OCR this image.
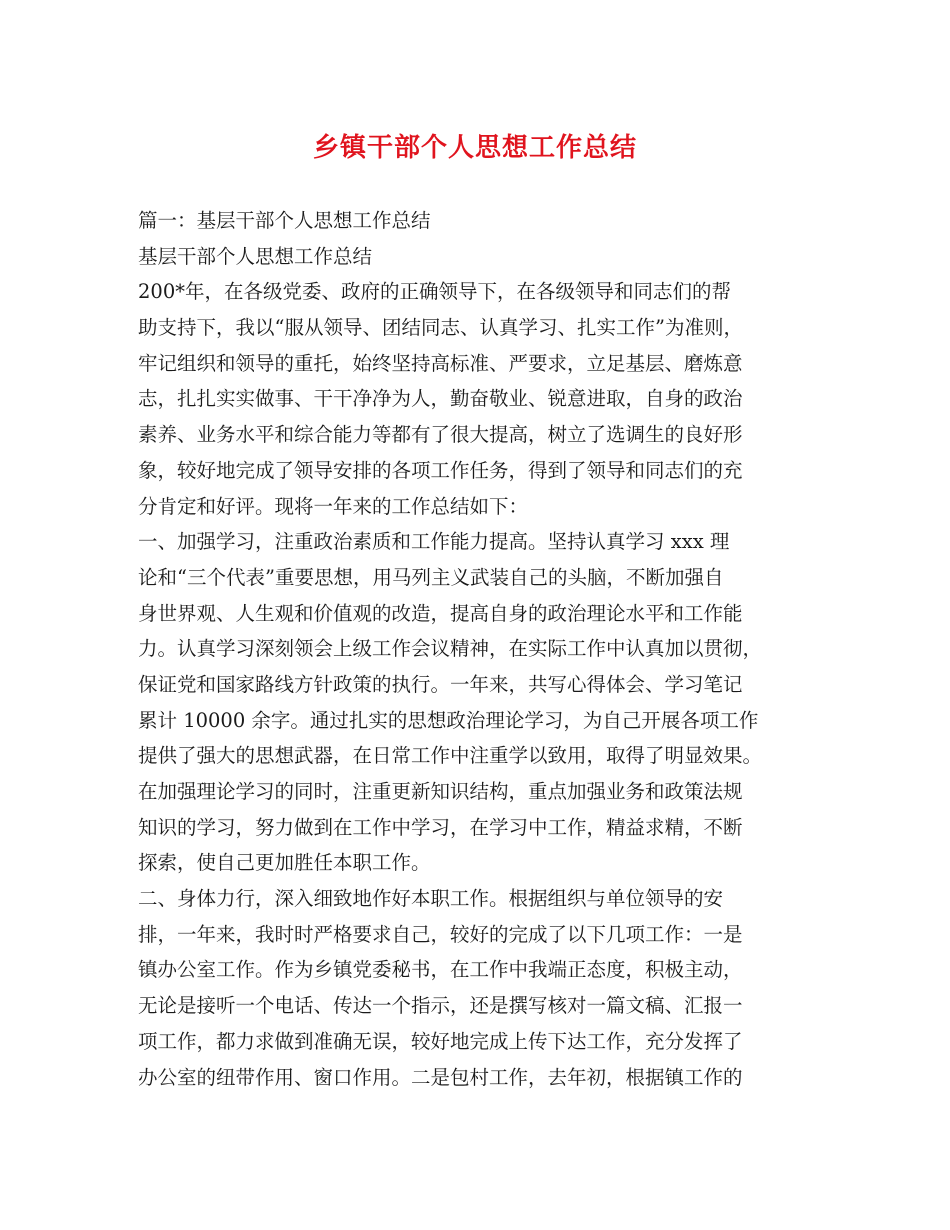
乡镇干部个人思想工作总结
篇一：基层干部个人思想工作总结
基层干部个人思想工作总结
200*年，在各级党委、政府的正确领导下，在各级领导和同志们的帮
助支持下，我以“服从领导、团结同志、认真学习、扎实工作”为准则，
牢记组织和领导的重托，始终坚持高标准、严要求，立足基层、磨炼意
志，扎扎实实做事、干干净净为人，勤奋敬业、锐意进取，自身的政治
素养、业务水平和综合能力等都有了很大提高，树立了选调生的良好形
象，较好地完成了领导安排的各项工作任务，得到了领导和同志们的充
分肯定和好评。现将一年来的工作总结如下：
一、加强学习，注重政治素质和工作能力提高。坚持认真学习 xxx 理
论和“三个代表”重要思想，用马列主义武装自己的头脑，不断加强自
身世界观、人生观和价值观的改造，提高自身的政治理论水平和工作能
力。认真学习深刻领会上级工作会议精神，在实际工作中认真加以贯彻，
保证党和国家路线方针政策的执行。一年来，共写心得体会、学习笔记
累计 10000 余字。通过扎实的思想政治理论学习，为自己开展各项工作
提供了强大的思想武器，在日常工作中注重学以致用，取得了明显效果。
在加强理论学习的同时，注重更新知识结构，重点加强业务和政策法规
知识的学习，努力做到在工作中学习，在学习中工作，精益求精，不断
探索，使自己更加胜任本职工作。
二、身体力行，深入细致地作好本职工作。根据组织与单位领导的安
排，一年来，我时时严格要求自己，较好的完成了以下几项工作：一是
镇办公室工作。作为乡镇党委秘书，在工作中我端正态度，积极主动，
无论是接听一个电话、传达一个指示，还是撰写核对一篇文稿、汇报一
项工作，都力求做到准确无误，较好地完成上传下达工作，充分发挥了
办公室的纽带作用、窗口作用。二是包村工作，去年初，根据镇工作的
